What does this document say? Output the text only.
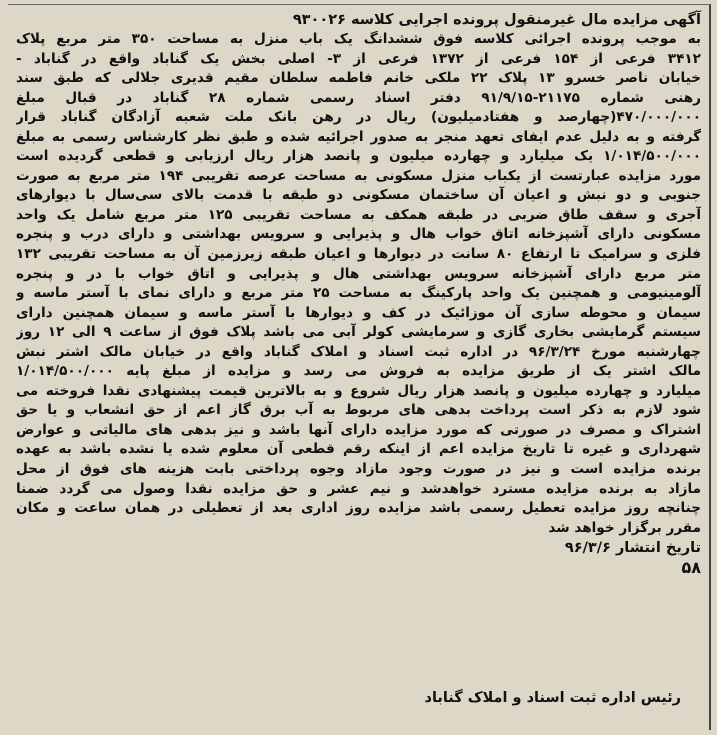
آگهی مزایده مال غیرمنقول پرونده اجرایی کلاسه ۹۳۰۰۲۶
به موجب پرونده اجرائی کلاسه فوق ششدانگ یک باب منزل به مساحت ۳۵۰ متر مربع پلاک
۳۴۱۲ فرعی از ۱۵۴ فرعی از ۱۳۷۲ فرعی از ۳- اصلی بخش یک گناباد واقع در گناباد -
خیابان ناصر خسرو ۱۳ پلاک ۲۲ ملکی خانم فاطمه سلطان مقیم قدیری جلالی که طبق سند
رهنی شماره ۲۱۱۷۵-۹۱/۹/۱۵ دفتر اسناد رسمی شماره ۲۸ گناباد در قبال مبلغ
۴۷۰/۰۰۰/۰۰۰(چهارصد و هفتادمیلیون) ریال در رهن بانک ملت شعبه آزادگان گناباد قرار
گرفته و به دلیل عدم ایفای تعهد منجر به صدور اجرائیه شده و طبق نظر کارشناس رسمی به مبلغ
۱/۰۱۴/۵۰۰/۰۰۰ یک میلیارد و چهارده میلیون و پانصد هزار ریال ارزیابی و قطعی گردیده است
مورد مزایده عبارتست از یکباب منزل مسکونی به مساحت عرصه تقریبی ۱۹۴ متر مربع به صورت
جنوبی و دو نبش و اعیان آن ساختمان مسکونی دو طبقه با قدمت بالای سی‌سال با دیوارهای
آجری و سقف طاق ضربی در طبقه همکف به مساحت تقریبی ۱۲۵ متر مربع شامل یک واحد
مسکونی دارای آشپزخانه اتاق خواب هال و پذیرایی و سرویس بهداشتی و دارای درب و پنجره
فلزی و سرامیک تا ارتفاع ۸۰ سانت در دیوارها و اعیان طبقه زیرزمین آن به مساحت تقریبی ۱۳۲
متر مربع دارای آشپزخانه سرویس بهداشتی هال و پذیرایی و اتاق خواب با در و پنجره
آلومینیومی و همچنین یک واحد پارکینگ به مساحت ۲۵ متر مربع و دارای نمای با آستر ماسه و
سیمان و محوطه سازی آن موزائیک در کف و دیوارها با آستر ماسه و سیمان همچنین دارای
سیستم گرمایشی بخاری گازی و سرمایشی کولر آبی می باشد پلاک فوق از ساعت ۹ الی ۱۲ روز
چهارشنبه مورخ ۹۶/۳/۲۴ در اداره ثبت اسناد و املاک گناباد واقع در خیابان مالک اشتر نبش
مالک اشتر یک از طریق مزایده به فروش می رسد و مزایده از مبلغ پایه ۱/۰۱۴/۵۰۰/۰۰۰
میلیارد و چهارده میلیون و پانصد هزار ریال شروع و به بالاترین قیمت پیشنهادی نقدا فروخته می
شود لازم به ذکر است پرداخت بدهی های مربوط به آب برق گاز اعم از حق انشعاب و یا حق
اشتراک و مصرف در صورتی که مورد مزایده دارای آنها باشد و نیز بدهی های مالیاتی و عوارض
شهرداری و غیره تا تاریخ مزایده اعم از اینکه رقم قطعی آن معلوم شده یا نشده باشد به عهده
برنده مزایده است و نیز در صورت وجود مازاد وجوه پرداختی بابت هزینه های فوق از محل
مازاد به برنده مزایده مسترد خواهدشد و نیم عشر و حق مزایده نقدا وصول می گردد ضمنا
چنانچه روز مزایده تعطیل رسمی باشد مزایده روز اداری بعد از تعطیلی در همان ساعت و مکان
مقرر برگزار خواهد شد
تاریخ انتشار ۹۶/۳/۶
۵۸
رئیس اداره ثبت اسناد و املاک گناباد
